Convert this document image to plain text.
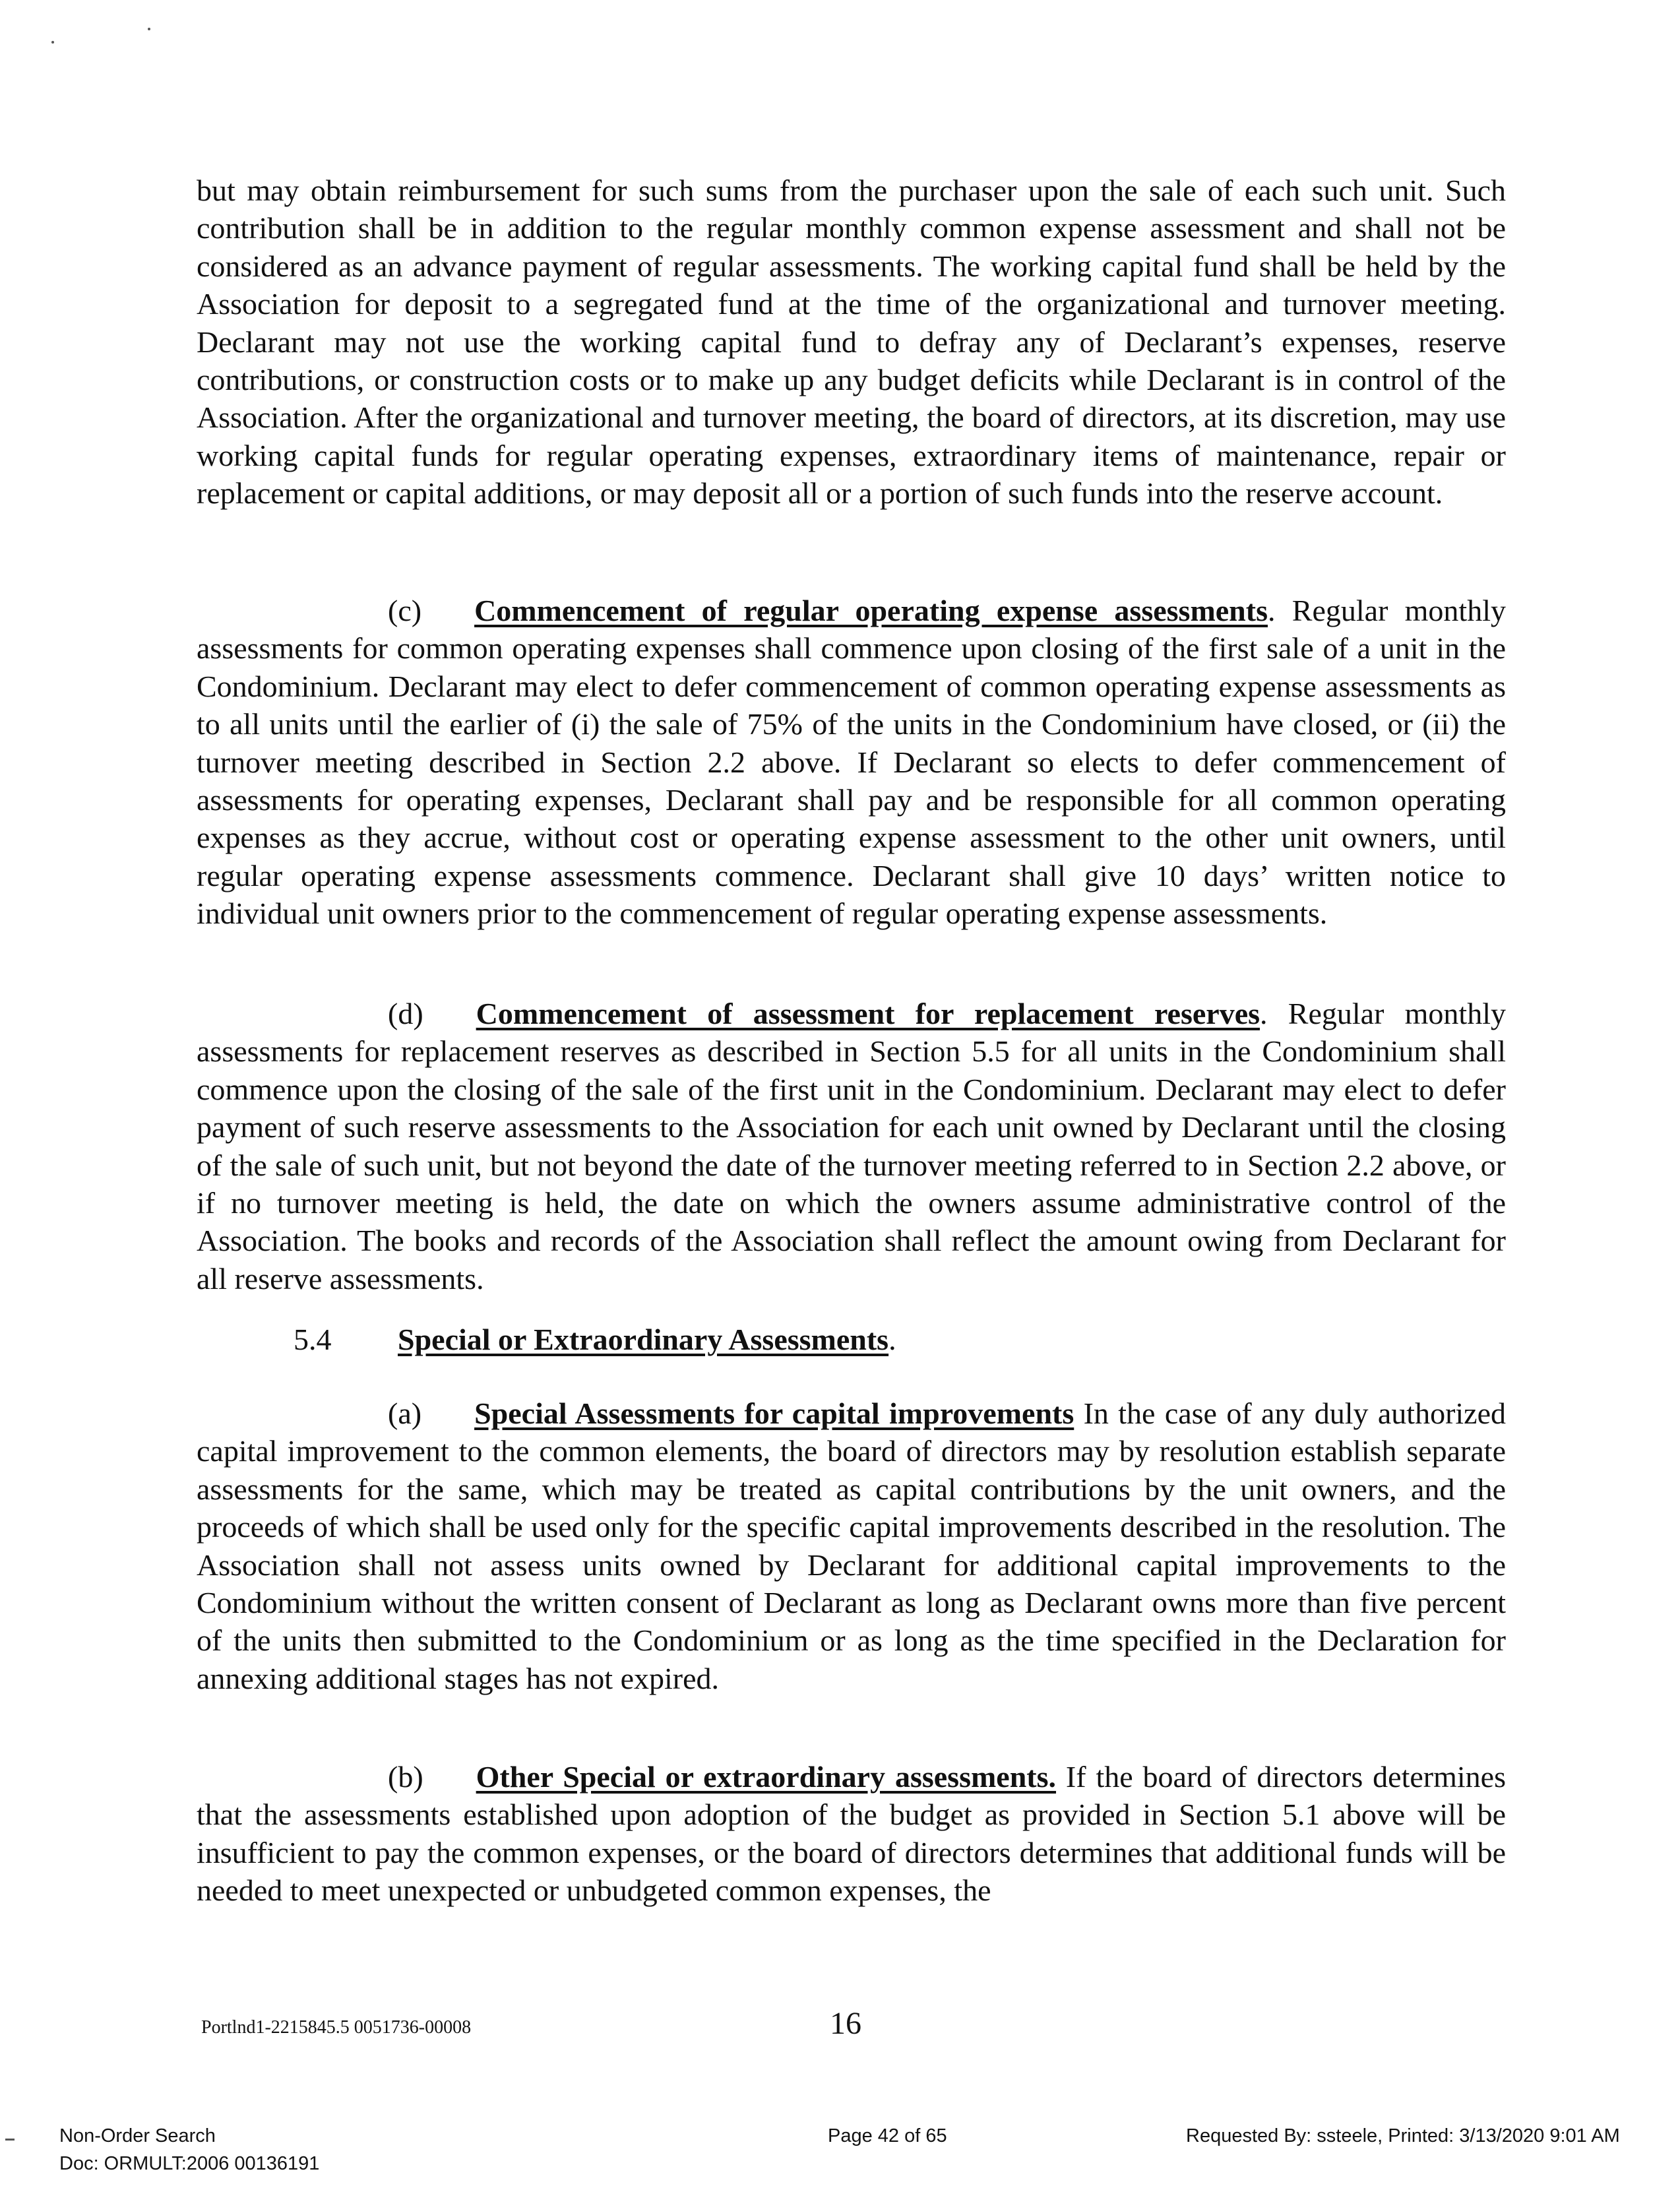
but may obtain reimbursement for such sums from the purchaser upon the sale of each such unit. Such contribution shall be in addition to the regular monthly common expense assessment and shall not be considered as an advance payment of regular assessments. The working capital fund shall be held by the Association for deposit to a segregated fund at the time of the organizational and turnover meeting. Declarant may not use the working capital fund to defray any of Declarant’s expenses, reserve contributions, or construction costs or to make up any budget deficits while Declarant is in control of the Association. After the organizational and turnover meeting, the board of directors, at its discretion, may use working capital funds for regular operating expenses, extraordinary items of maintenance, repair or replacement or capital additions, or may deposit all or a portion of such funds into the reserve account.

(c) Commencement of regular operating expense assessments. Regular monthly assessments for common operating expenses shall commence upon closing of the first sale of a unit in the Condominium. Declarant may elect to defer commencement of common operating expense assessments as to all units until the earlier of (i) the sale of 75% of the units in the Condominium have closed, or (ii) the turnover meeting described in Section 2.2 above. If Declarant so elects to defer commencement of assessments for operating expenses, Declarant shall pay and be responsible for all common operating expenses as they accrue, without cost or operating expense assessment to the other unit owners, until regular operating expense assessments commence. Declarant shall give 10 days’ written notice to individual unit owners prior to the commencement of regular operating expense assessments.

(d) Commencement of assessment for replacement reserves. Regular monthly assessments for replacement reserves as described in Section 5.5 for all units in the Condominium shall commence upon the closing of the sale of the first unit in the Condominium. Declarant may elect to defer payment of such reserve assessments to the Association for each unit owned by Declarant until the closing of the sale of such unit, but not beyond the date of the turnover meeting referred to in Section 2.2 above, or if no turnover meeting is held, the date on which the owners assume administrative control of the Association. The books and records of the Association shall reflect the amount owing from Declarant for all reserve assessments.

5.4 Special or Extraordinary Assessments.

(a) Special Assessments for capital improvements In the case of any duly authorized capital improvement to the common elements, the board of directors may by resolution establish separate assessments for the same, which may be treated as capital contributions by the unit owners, and the proceeds of which shall be used only for the specific capital improvements described in the resolution. The Association shall not assess units owned by Declarant for additional capital improvements to the Condominium without the written consent of Declarant as long as Declarant owns more than five percent of the units then submitted to the Condominium or as long as the time specified in the Declaration for annexing additional stages has not expired.

(b) Other Special or extraordinary assessments. If the board of directors determines that the assessments established upon adoption of the budget as provided in Section 5.1 above will be insufficient to pay the common expenses, or the board of directors determines that additional funds will be needed to meet unexpected or unbudgeted common expenses, the

Portlnd1-2215845.5 0051736-00008	16
Non-Order Search
Doc: ORMULT:2006 00136191
Page 42 of 65	Requested By: ssteele, Printed: 3/13/2020 9:01 AM
